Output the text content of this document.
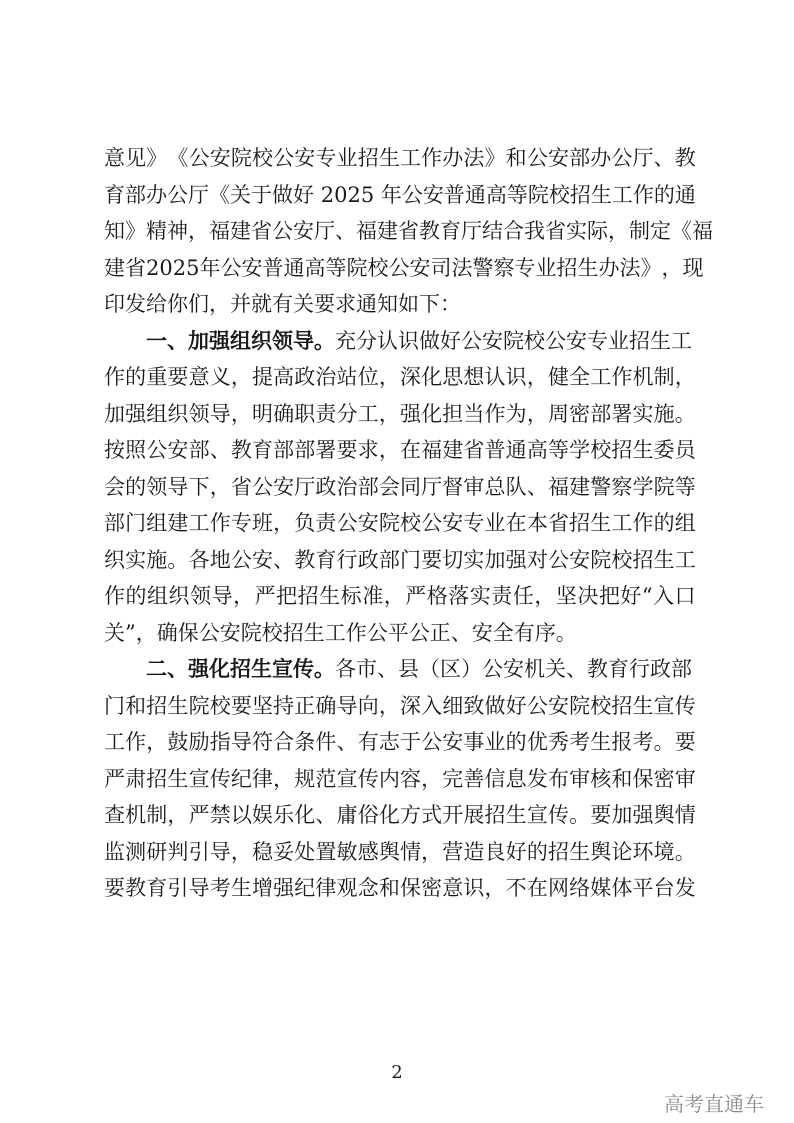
意 见 》 《 公 安 院 校 公 安 专 业 招 生 工 作 办 法 》 和 公 安 部 办 公 厅 、 教
育 部 办 公 厅 《 关 于 做 好
2 0 2 5
年 公 安 普 通 高 等 院 校 招 生 工 作 的 通
知 》 精 神 ， 福 建 省 公 安 厅 、 福 建 省 教 育 厅 结 合 我 省 实 际 ， 制 定 《 福
建 省 2 0 2 5 年 公 安 普 通 高 等 院 校 公 安 司 法 警 察 专 业 招 生 办 法 》 ， 现
印发给你们，并就有关要求通知如下：
一、加强组织领导。充分认识做好公安院校公安专业招生工
作 的 重 要 意 义 ， 提 高 政 治 站 位 ， 深 化 思 想 认 识 ， 健 全 工 作 机 制 ，
加 强 组 织 领 导 ， 明 确 职 责 分 工 ， 强 化 担 当 作 为 ， 周 密 部 署 实 施 。
按 照 公 安 部 、 教 育 部 部 署 要 求 ， 在 福 建 省 普 通 高 等 学 校 招 生 委 员
会 的 领 导 下 ， 省 公 安 厅 政 治 部 会 同 厅 督 审 总 队 、 福 建 警 察 学 院 等
部 门 组 建 工 作 专 班 ， 负 责 公 安 院 校 公 安 专 业 在 本 省 招 生 工 作 的 组
织 实 施 。 各 地 公 安 、 教 育 行 政 部 门 要 切 实 加 强 对 公 安 院 校 招 生 工
作 的 组 织 领 导 ， 严 把 招 生 标 准 ， 严 格 落 实 责 任 ， 坚 决 把 好 “ 入 口
关”，确保公安院校招生工作公平公正、安全有序。
二、强化招生宣传。各市、县（区）公安机关、教育行政部
门 和 招 生 院 校 要 坚 持 正 确 导 向 ， 深 入 细 致 做 好 公 安 院 校 招 生 宣 传
工 作 ， 鼓 励 指 导 符 合 条 件 、 有 志 于 公 安 事 业 的 优 秀 考 生 报 考 。 要
严 肃 招 生 宣 传 纪 律 ， 规 范 宣 传 内 容 ， 完 善 信 息 发 布 审 核 和 保 密 审
查 机 制 ， 严 禁 以 娱 乐 化 、 庸 俗 化 方 式 开 展 招 生 宣 传 。 要 加 强 舆 情
监 测 研 判 引 导 ， 稳 妥 处 置 敏 感 舆 情 ， 营 造 良 好 的 招 生 舆 论 环 境 。
要 教 育 引 导 考 生 增 强 纪 律 观 念 和 保 密 意 识 ， 不 在 网 络 媒 体 平 台 发
2
高考直通车
